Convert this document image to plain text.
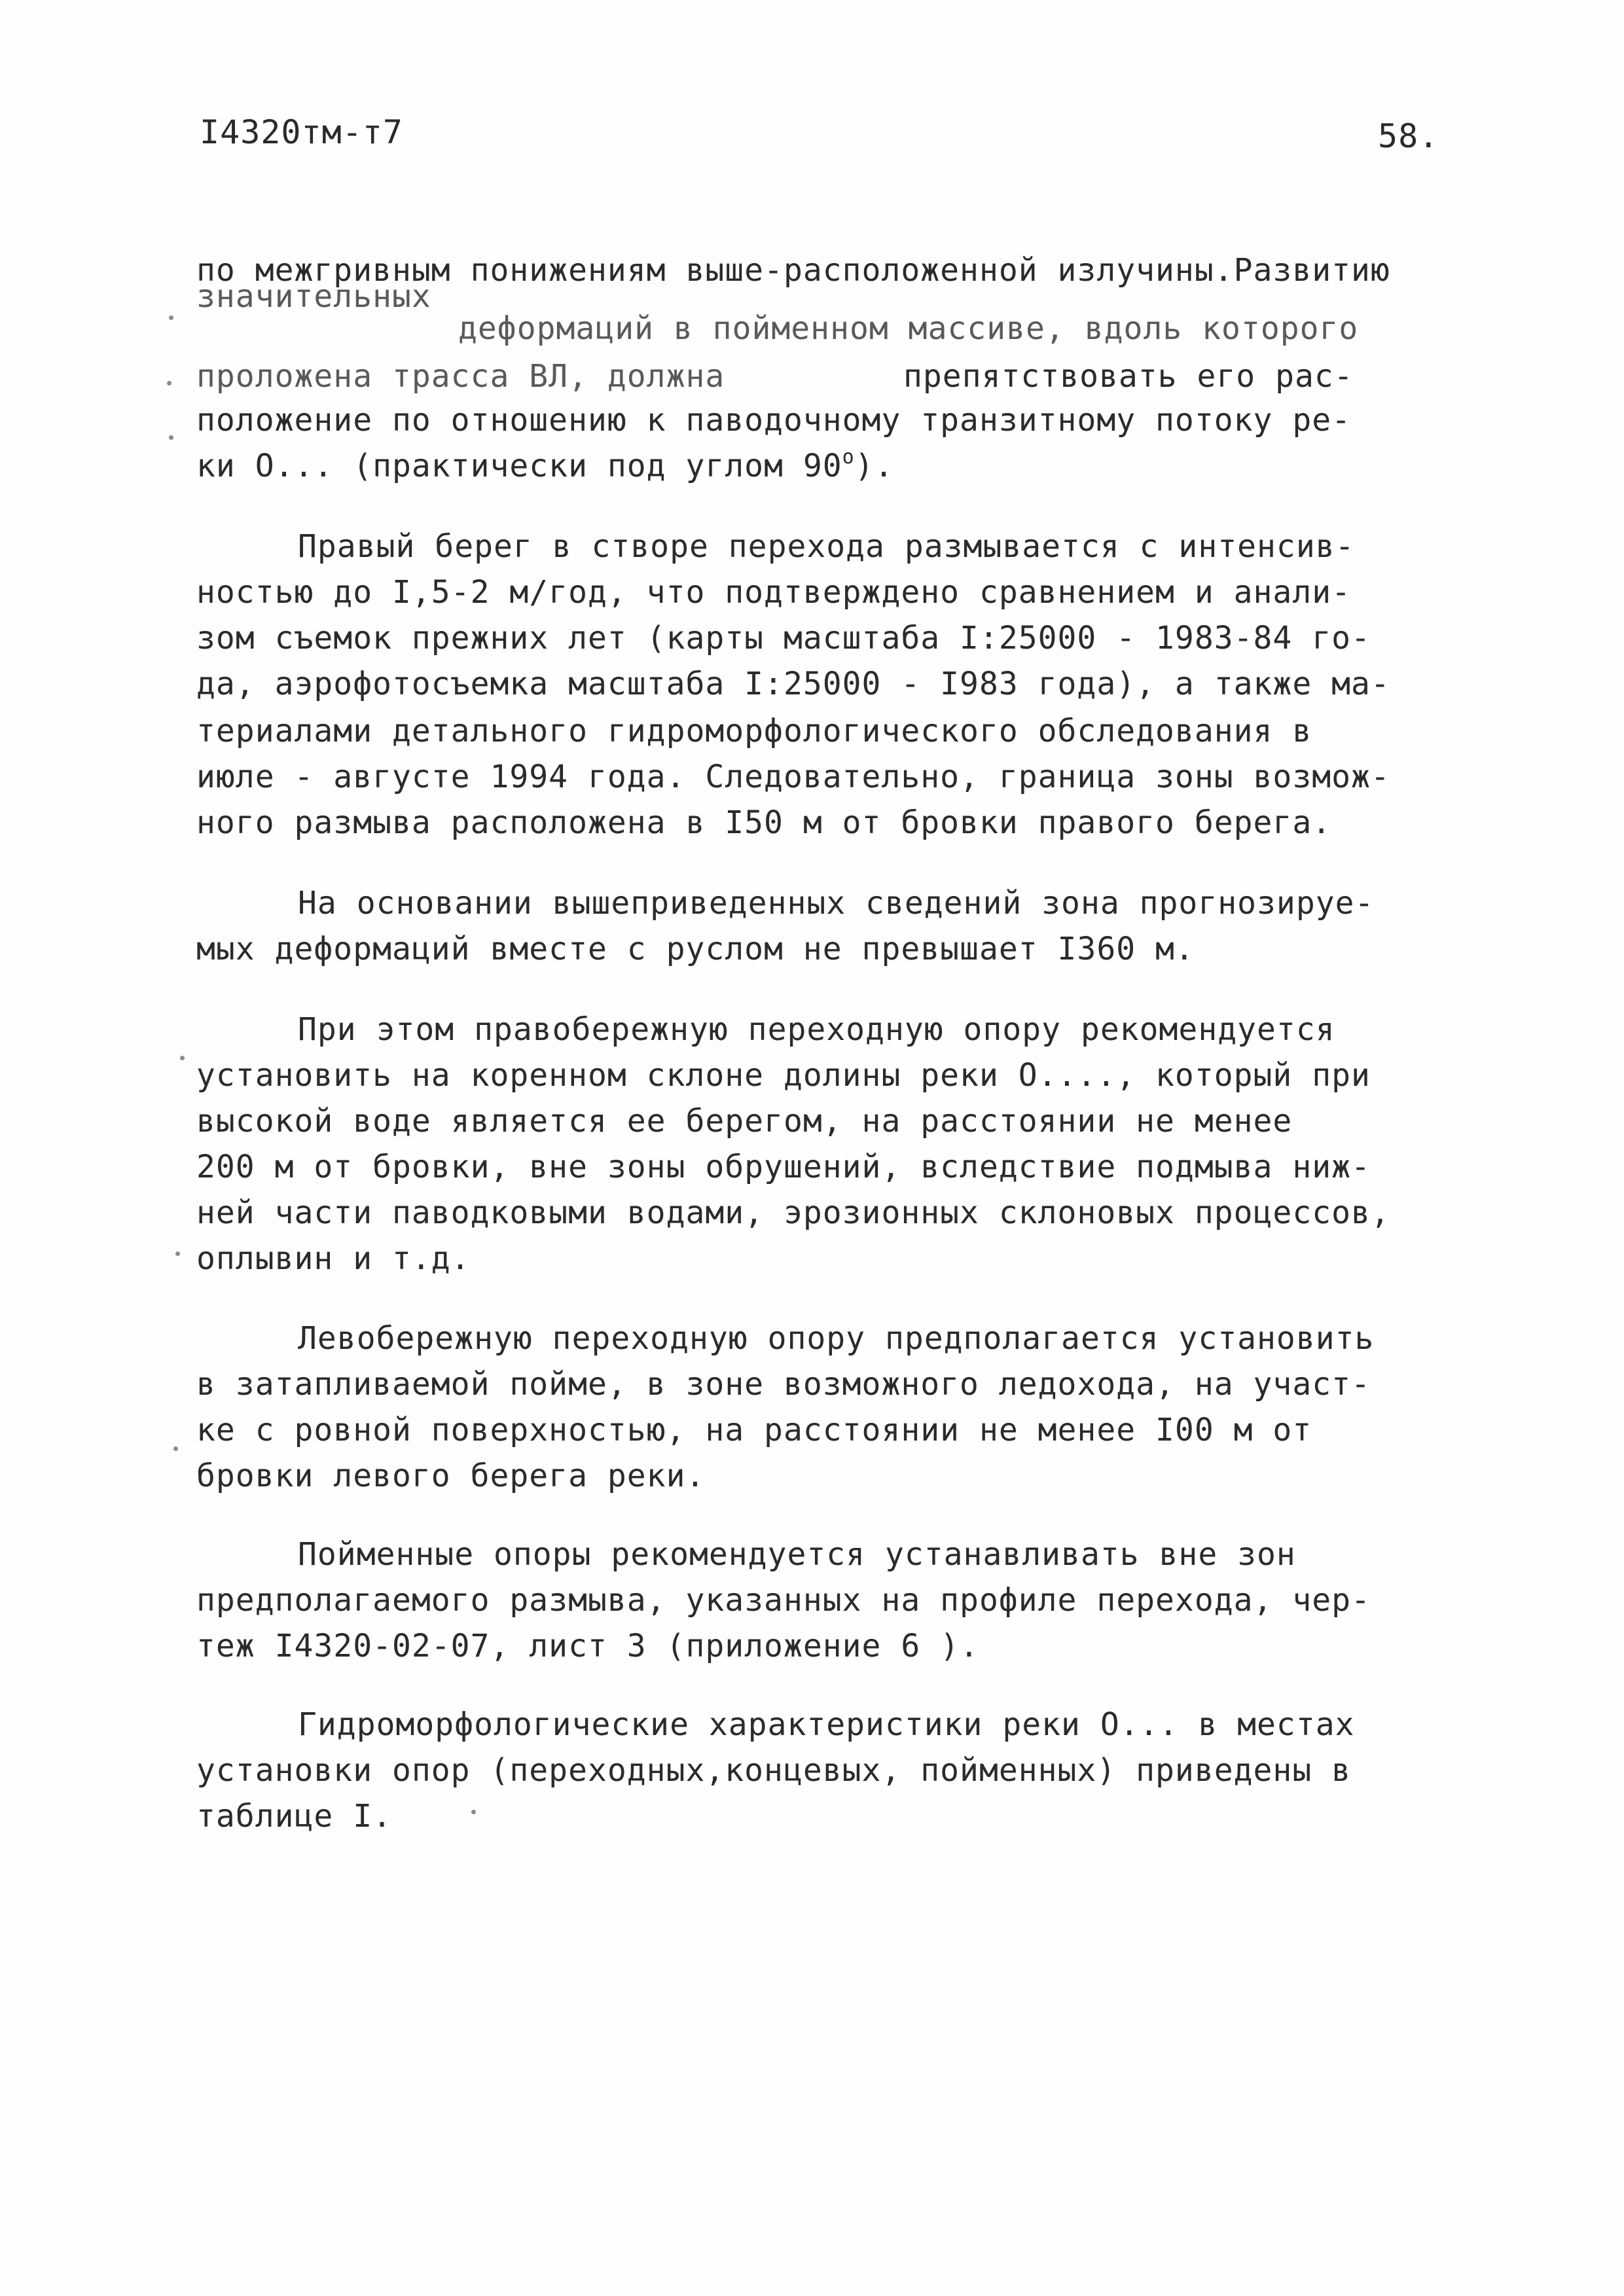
I4320тм-т7	58.
по межгривным понижениям выше-расположенной излучины.Развитию
значительных
деформаций в пойменном массиве, вдоль которого
проложена трасса ВЛ, должна	препятствовать его рас-
положение по отношению к паводочному транзитному потоку ре-
ки О... (практически под углом $90^о$).
Правый берег в створе перехода размывается с интенсив-
ностью до I,5-2 м/год, что подтверждено сравнением и анали-
зом съемок прежних лет (карты масштаба I:25000 - 1983-84 го-
да, аэрофотосъемка масштаба I:25000 - I983 года), а также ма-
териалами детального гидроморфологического обследования в
июле - августе 1994 года. Следовательно, граница зоны возмож-
ного размыва расположена в I50 м от бровки правого берега.
На основании вышеприведенных сведений зона прогнозируе-
мых деформаций вместе с руслом не превышает I360 м.
При этом правобережную переходную опору рекомендуется
установить на коренном склоне долины реки О...., который при
высокой воде является ее берегом, на расстоянии не менее
200 м от бровки, вне зоны обрушений, вследствие подмыва ниж-
ней части паводковыми водами, эрозионных склоновых процессов,
оплывин и т.д.
Левобережную переходную опору предполагается установить
в затапливаемой пойме, в зоне возможного ледохода, на участ-
ке с ровной поверхностью, на расстоянии не менее I00 м от
бровки левого берега реки.
Пойменные опоры рекомендуется устанавливать вне зон
предполагаемого размыва, указанных на профиле перехода, чер-
теж I4320-02-07, лист 3 (приложение 6 ).
Гидроморфологические характеристики реки О... в местах
установки опор (переходных,концевых, пойменных) приведены в
таблице I.
